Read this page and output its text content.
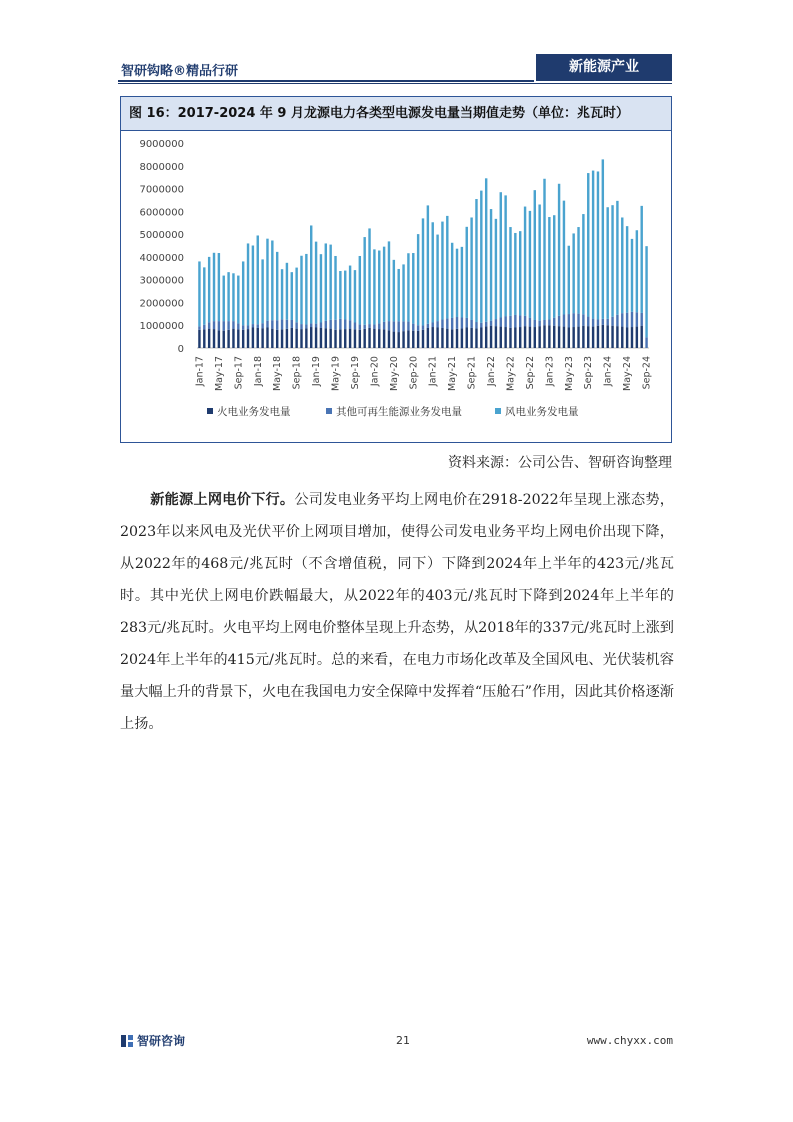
智研钩略®精品行研	新能源产业
图 16：2017-2024 年 9 月龙源电力各类型电源发电量当期值走势（单位：兆瓦时）
0
1000000
2000000
3000000
4000000
5000000
6000000
7000000
8000000
9000000
Jan-17 May-17 Sep-17 Jan-18 May-18 Sep-18 Jan-19 May-19 Sep-19 Jan-20 May-20 Sep-20 Jan-21 May-21 Sep-21 Jan-22 May-22 Sep-22 Jan-23 May-23 Sep-23 Jan-24 May-24 Sep-24
火电业务发电量	其他可再生能源业务发电量	风电业务发电量
资料来源：公司公告、智研咨询整理
新能源上网电价下行。公司发电业务平均上网电价在2918-2022年呈现上涨态势，2023年以来风电及光伏平价上网项目增加，使得公司发电业务平均上网电价出现下降，从2022年的468元/兆瓦时（不含增值税，同下）下降到2024年上半年的423元/兆瓦时。其中光伏上网电价跌幅最大，从2022年的403元/兆瓦时下降到2024年上半年的283元/兆瓦时。火电平均上网电价整体呈现上升态势，从2018年的337元/兆瓦时上涨到2024年上半年的415元/兆瓦时。总的来看，在电力市场化改革及全国风电、光伏装机容量大幅上升的背景下，火电在我国电力安全保障中发挥着“压舱石”作用，因此其价格逐渐上扬。
智研咨询	21	www.chyxx.com
